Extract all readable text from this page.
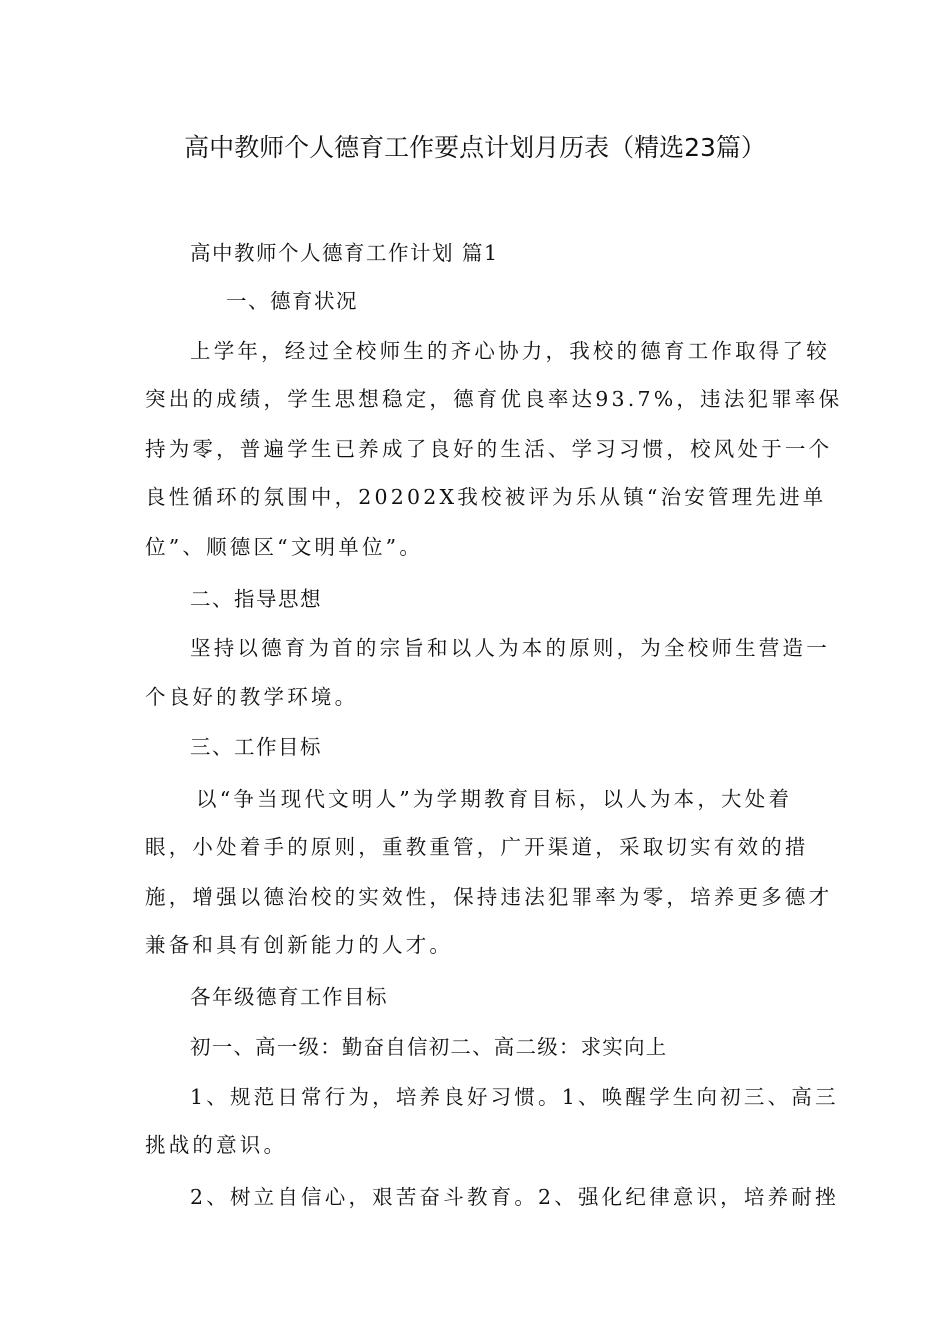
高中教师个人德育工作要点计划月历表（精选23篇）
高中教师个人德育工作计划 篇1
一、德育状况
上学年，经过全校师生的齐心协力，我校的德育工作取得了较
突出的成绩，学生思想稳定，德育优良率达93.7%，违法犯罪率保
持为零，普遍学生已养成了良好的生活、学习习惯，校风处于一个
良性循环的氛围中，20202X我校被评为乐从镇“治安管理先进单
位”、顺德区“文明单位”。
二、指导思想
坚持以德育为首的宗旨和以人为本的原则，为全校师生营造一
个良好的教学环境。
三、工作目标
以“争当现代文明人”为学期教育目标，以人为本，大处着
眼，小处着手的原则，重教重管，广开渠道，采取切实有效的措
施，增强以德治校的实效性，保持违法犯罪率为零，培养更多德才
兼备和具有创新能力的人才。
各年级德育工作目标
初一、高一级：勤奋自信初二、高二级：求实向上
1、规范日常行为，培养良好习惯。1、唤醒学生向初三、高三
挑战的意识。
2、树立自信心，艰苦奋斗教育。2、强化纪律意识，培养耐挫
